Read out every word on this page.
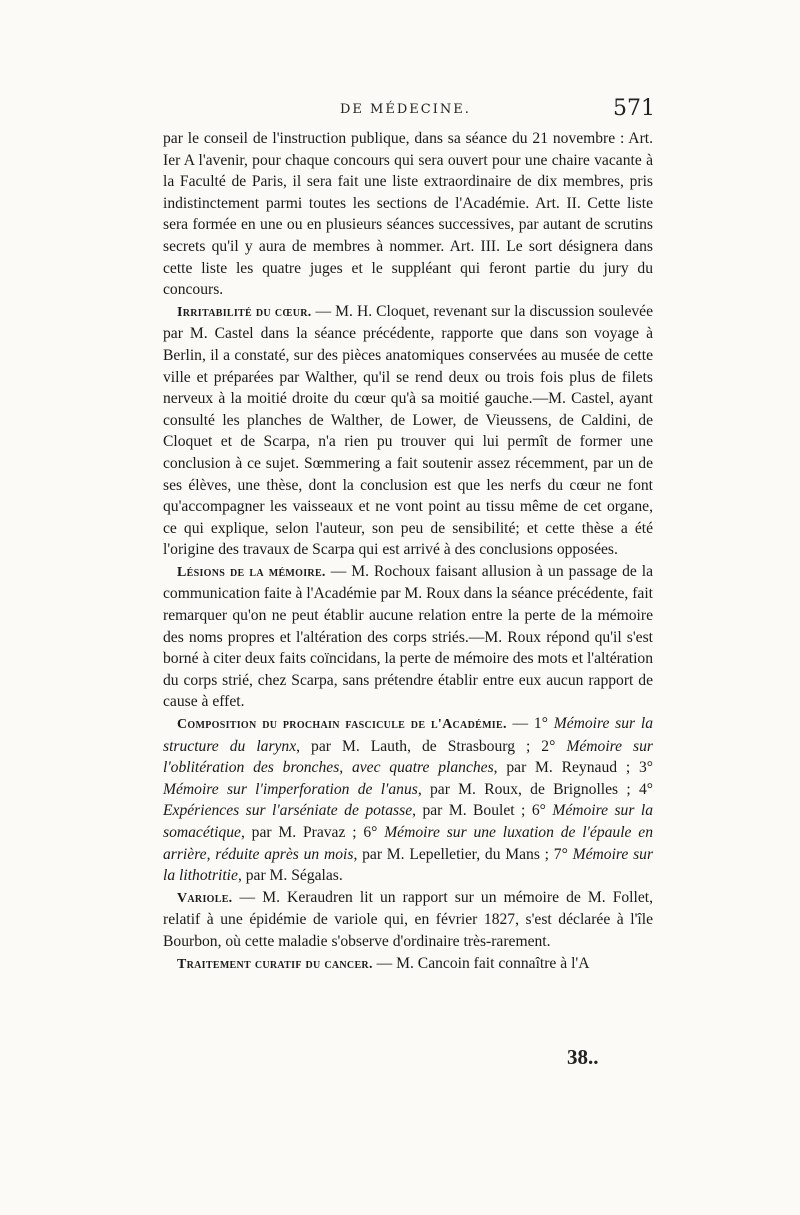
DE MÉDECINE.	571

par le conseil de l'instruction publique, dans sa séance du 21 novembre : Art. Ier A l'avenir, pour chaque concours qui sera ouvert pour une chaire vacante à la Faculté de Paris, il sera fait une liste extraordinaire de dix membres, pris indistinctement parmi toutes les sections de l'Académie. Art. II. Cette liste sera formée en une ou en plusieurs séances successives, par autant de scrutins secrets qu'il y aura de membres à nommer. Art. III. Le sort désignera dans cette liste les quatre juges et le suppléant qui feront partie du jury du concours.

Irritabilité du cœur. — M. H. Cloquet, revenant sur la discussion soulevée par M. Castel dans la séance précédente, rapporte que dans son voyage à Berlin, il a constaté, sur des pièces anatomiques conservées au musée de cette ville et préparées par Walther, qu'il se rend deux ou trois fois plus de filets nerveux à la moitié droite du cœur qu'à sa moitié gauche.—M. Castel, ayant consulté les planches de Walther, de Lower, de Vieussens, de Caldini, de Cloquet et de Scarpa, n'a rien pu trouver qui lui permît de former une conclusion à ce sujet. Sœmmering a fait soutenir assez récemment, par un de ses élèves, une thèse, dont la conclusion est que les nerfs du cœur ne font qu'accompagner les vaisseaux et ne vont point au tissu même de cet organe, ce qui explique, selon l'auteur, son peu de sensibilité; et cette thèse a été l'origine des travaux de Scarpa qui est arrivé à des conclusions opposées.

Lésions de la mémoire. — M. Rochoux faisant allusion à un passage de la communication faite à l'Académie par M. Roux dans la séance précédente, fait remarquer qu'on ne peut établir aucune relation entre la perte de la mémoire des noms propres et l'altération des corps striés.—M. Roux répond qu'il s'est borné à citer deux faits coïncidans, la perte de mémoire des mots et l'altération du corps strié, chez Scarpa, sans prétendre établir entre eux aucun rapport de cause à effet.

Composition du prochain fascicule de l'Académie. — 1° Mémoire sur la structure du larynx, par M. Lauth, de Strasbourg ; 2° Mémoire sur l'oblitération des bronches, avec quatre planches, par M. Reynaud ; 3° Mémoire sur l'imperforation de l'anus, par M. Roux, de Brignolles ; 4° Expériences sur l'arséniate de potasse, par M. Boulet ; 6° Mémoire sur la somacétique, par M. Pravaz ; 6° Mémoire sur une luxation de l'épaule en arrière, réduite après un mois, par M. Lepelletier, du Mans ; 7° Mémoire sur la lithotritie, par M. Ségalas.

Variole. — M. Keraudren lit un rapport sur un mémoire de M. Follet, relatif à une épidémie de variole qui, en février 1827, s'est déclarée à l'île Bourbon, où cette maladie s'observe d'ordinaire très-rarement.

Traitement curatif du cancer. — M. Cancoin fait connaître à l'A

38..
